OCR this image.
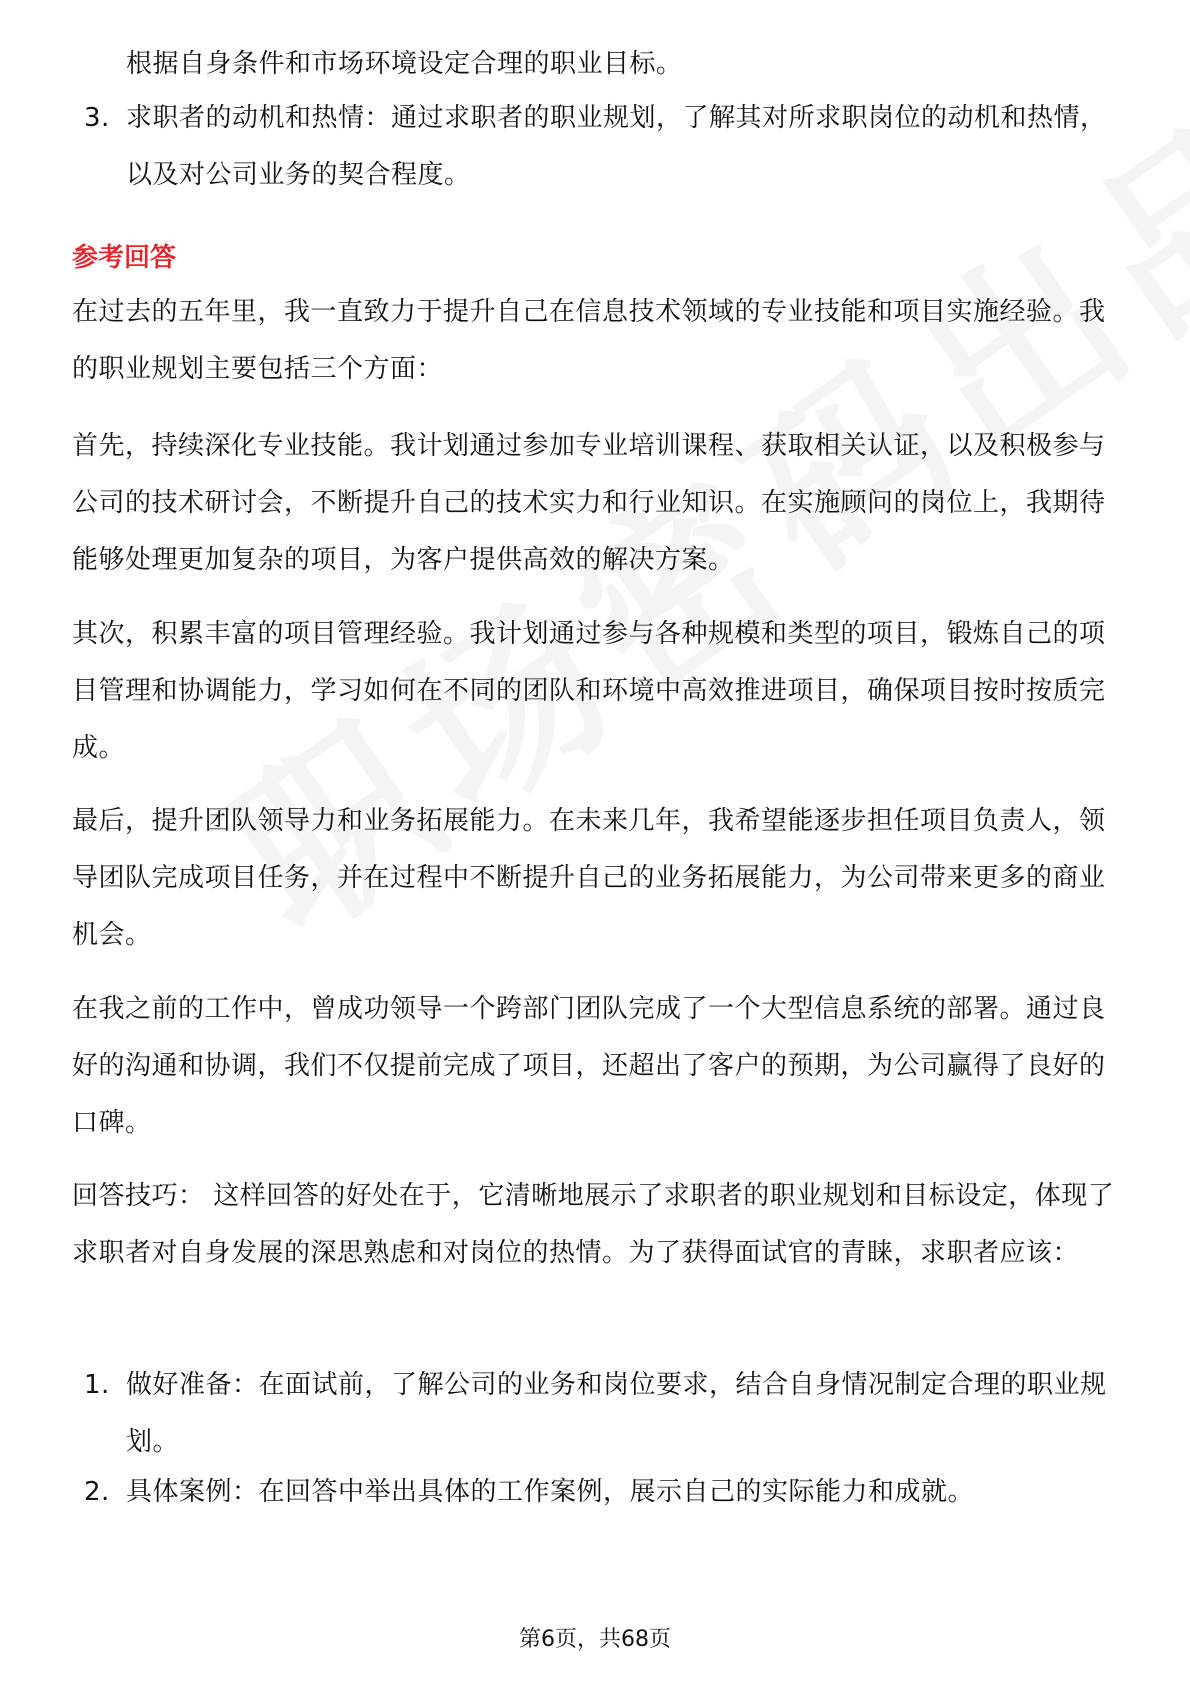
根据自身条件和市场环境设定合理的职业目标。

3. 求职者的动机和热情：通过求职者的职业规划，了解其对所求职岗位的动机和热情，以及对公司业务的契合程度。
参考回答

在过去的五年里，我一直致力于提升自己在信息技术领域的专业技能和项目实施经验。我的职业规划主要包括三个方面：

首先，持续深化专业技能。我计划通过参加专业培训课程、获取相关认证，以及积极参与公司的技术研讨会，不断提升自己的技术实力和行业知识。在实施顾问的岗位上，我期待能够处理更加复杂的项目，为客户提供高效的解决方案。

其次，积累丰富的项目管理经验。我计划通过参与各种规模和类型的项目，锻炼自己的项目管理和协调能力，学习如何在不同的团队和环境中高效推进项目，确保项目按时按质完成。

最后，提升团队领导力和业务拓展能力。在未来几年，我希望能逐步担任项目负责人，领导团队完成项目任务，并在过程中不断提升自己的业务拓展能力，为公司带来更多的商业机会。

在我之前的工作中，曾成功领导一个跨部门团队完成了一个大型信息系统的部署。通过良好的沟通和协调，我们不仅提前完成了项目，还超出了客户的预期，为公司赢得了良好的口碑。

回答技巧： 这样回答的好处在于，它清晰地展示了求职者的职业规划和目标设定，体现了求职者对自身发展的深思熟虑和对岗位的热情。为了获得面试官的青睐，求职者应该：

1. 做好准备：在面试前，了解公司的业务和岗位要求，结合自身情况制定合理的职业规划。
2. 具体案例：在回答中举出具体的工作案例，展示自己的实际能力和成就。
第6页，共68页
